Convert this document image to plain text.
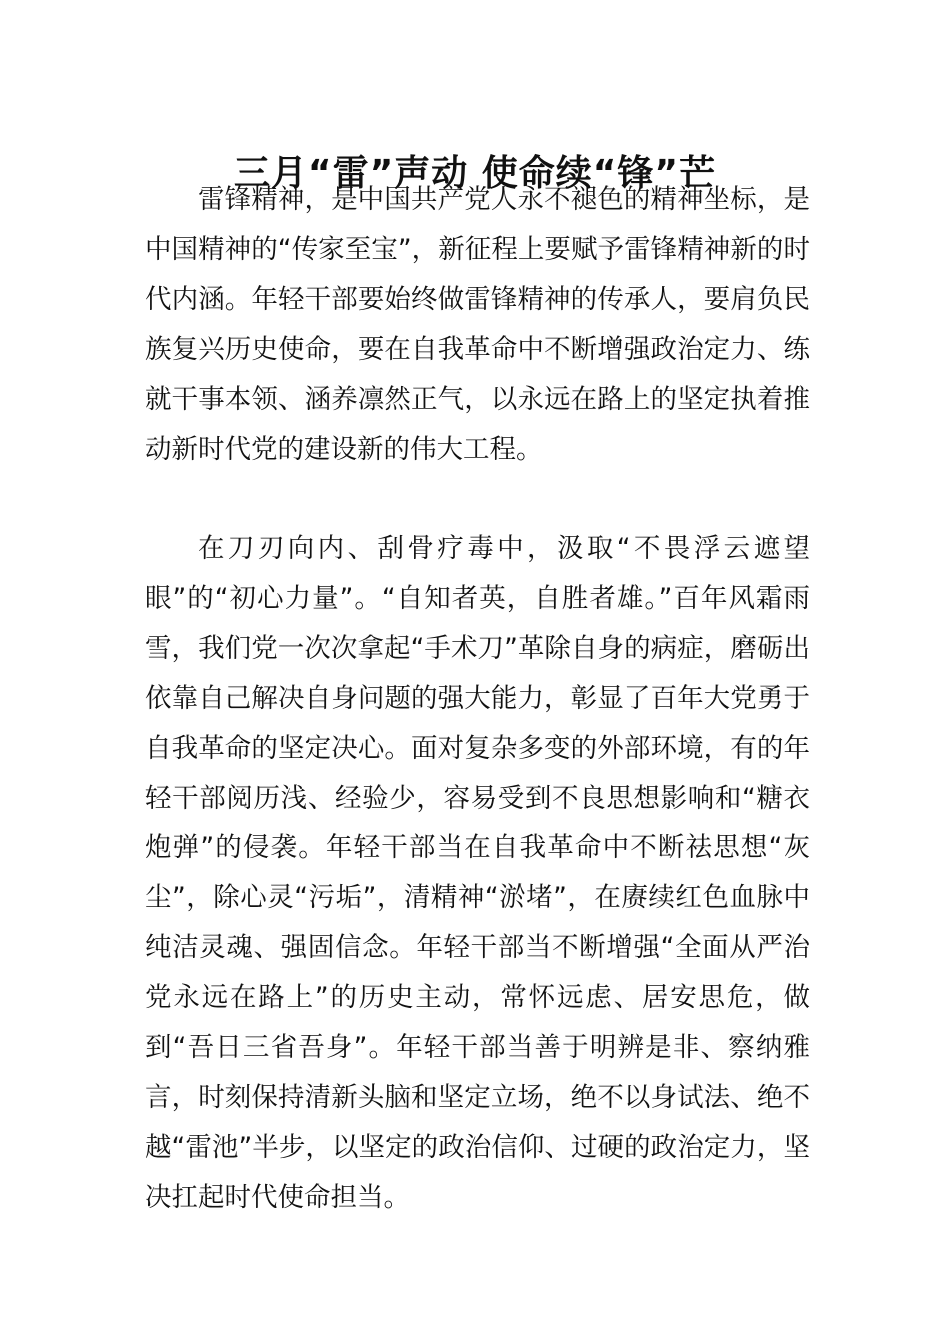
三月“雷”声动 使命续“锋”芒

雷锋精神，是中国共产党人永不褪色的精神坐标，是中国精神的“传家至宝”，新征程上要赋予雷锋精神新的时代内涵。年轻干部要始终做雷锋精神的传承人，要肩负民族复兴历史使命，要在自我革命中不断增强政治定力、练就干事本领、涵养凛然正气，以永远在路上的坚定执着推动新时代党的建设新的伟大工程。

在刀刃向内、刮骨疗毒中，汲取“不畏浮云遮望眼”的“初心力量”。“自知者英，自胜者雄。”百年风霜雨雪，我们党一次次拿起“手术刀”革除自身的病症，磨砺出依靠自己解决自身问题的强大能力，彰显了百年大党勇于自我革命的坚定决心。面对复杂多变的外部环境，有的年轻干部阅历浅、经验少，容易受到不良思想影响和“糖衣炮弹”的侵袭。年轻干部当在自我革命中不断祛思想“灰尘”，除心灵“污垢”，清精神“淤堵”，在赓续红色血脉中纯洁灵魂、强固信念。年轻干部当不断增强“全面从严治党永远在路上”的历史主动，常怀远虑、居安思危，做到“吾日三省吾身”。年轻干部当善于明辨是非、察纳雅言，时刻保持清新头脑和坚定立场，绝不以身试法、绝不越“雷池”半步，以坚定的政治信仰、过硬的政治定力，坚决扛起时代使命担当。
